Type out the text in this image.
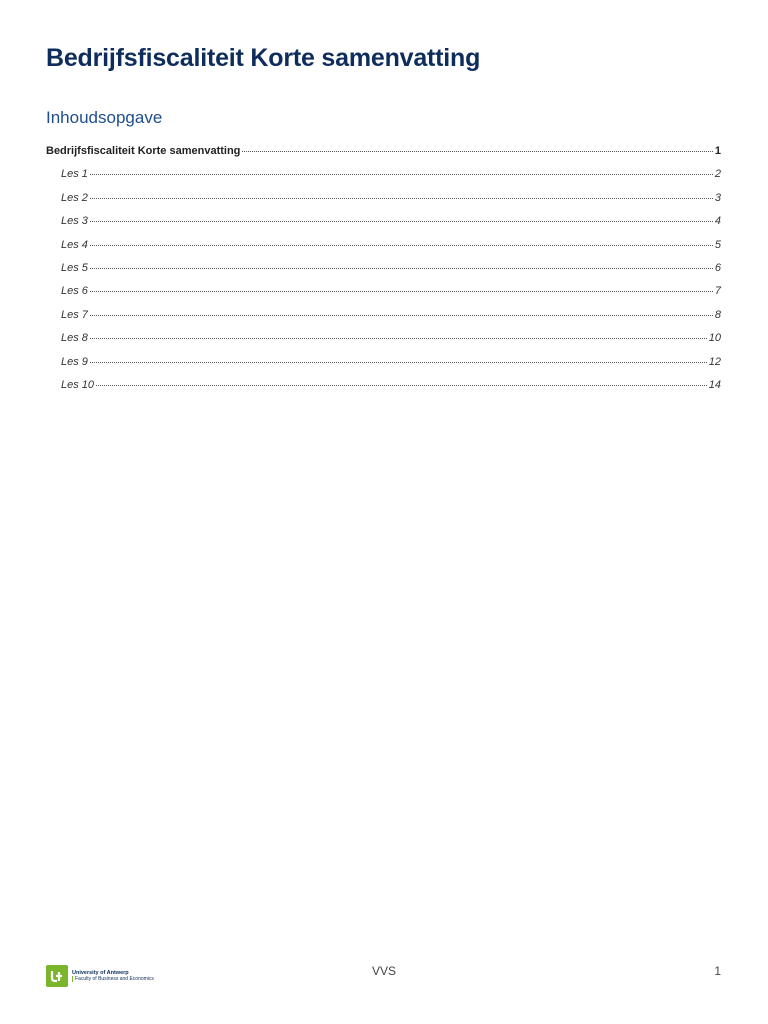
Bedrijfsfiscaliteit Korte samenvatting
Inhoudsopgave
Bedrijfsfiscaliteit Korte samenvatting	1
Les 1	2
Les 2	3
Les 3	4
Les 4	5
Les 5	6
Les 6	7
Les 7	8
Les 8	10
Les 9	12
Les 10	14
University of Antwerp
Faculty of Business and Economics
VVS	1
